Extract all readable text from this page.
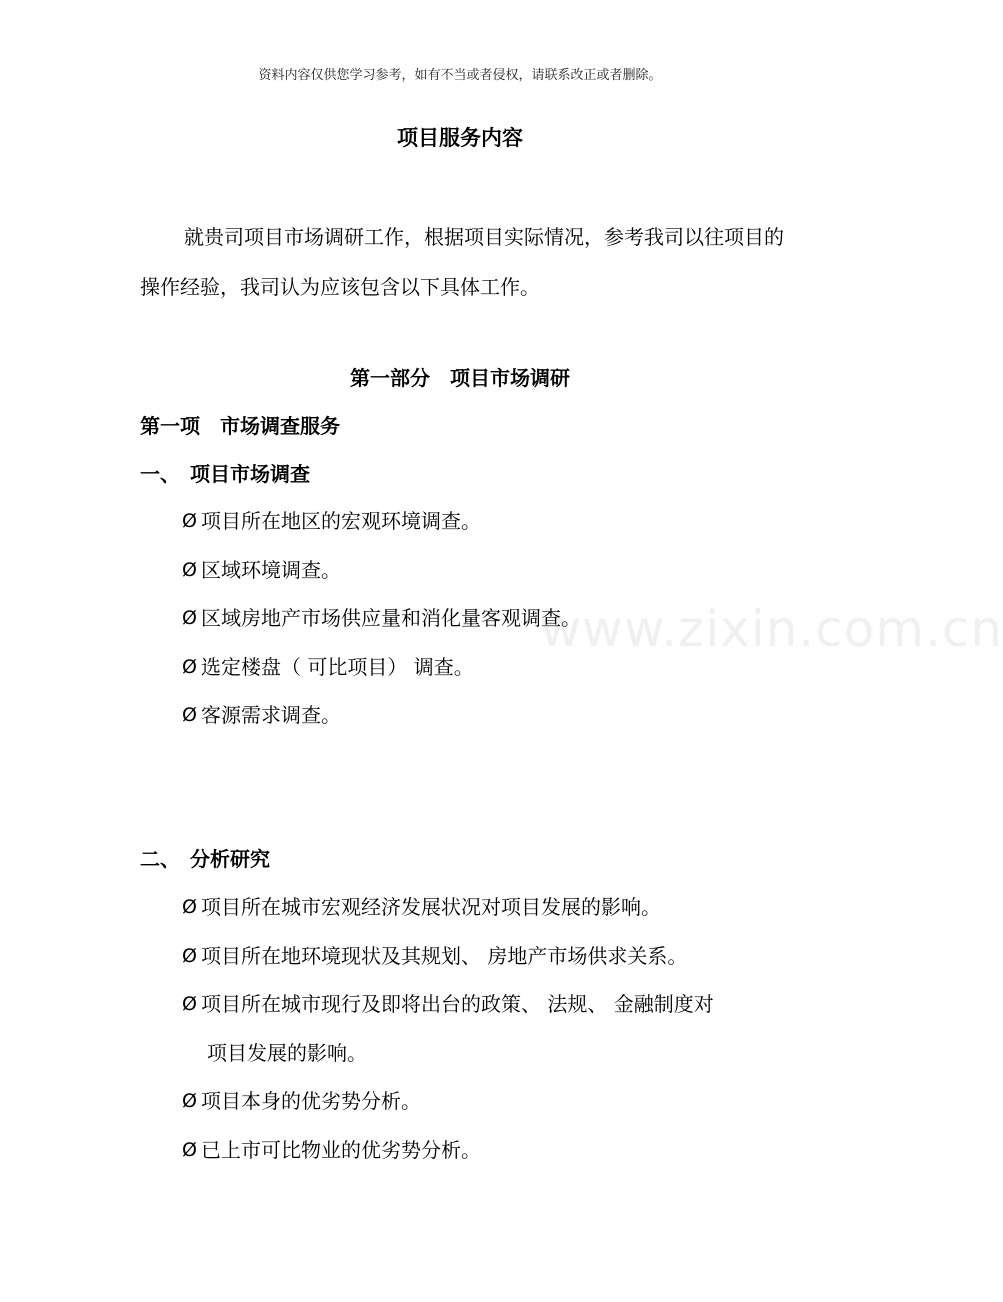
资料内容仅供您学习参考，如有不当或者侵权，请联系改正或者删除。
项目服务内容
就贵司项目市场调研工作，根据项目实际情况，参考我司以往项目的操作经验，我司认为应该包含以下具体工作。
第一部分　项目市场调研
第一项　市场调查服务
一、　项目市场调查
Ø 项目所在地区的宏观环境调查。
Ø 区域环境调查。
Ø 区域房地产市场供应量和消化量客观调查。
Ø 选定楼盘（ 可比项目） 调查。
Ø 客源需求调查。
二、　分析研究
Ø 项目所在城市宏观经济发展状况对项目发展的影响。
Ø 项目所在地环境现状及其规划、 房地产市场供求关系。
Ø 项目所在城市现行及即将出台的政策、 法规、 金融制度对
项目发展的影响。
Ø 项目本身的优劣势分析。
Ø 已上市可比物业的优劣势分析。
www.zixin.com.cn
